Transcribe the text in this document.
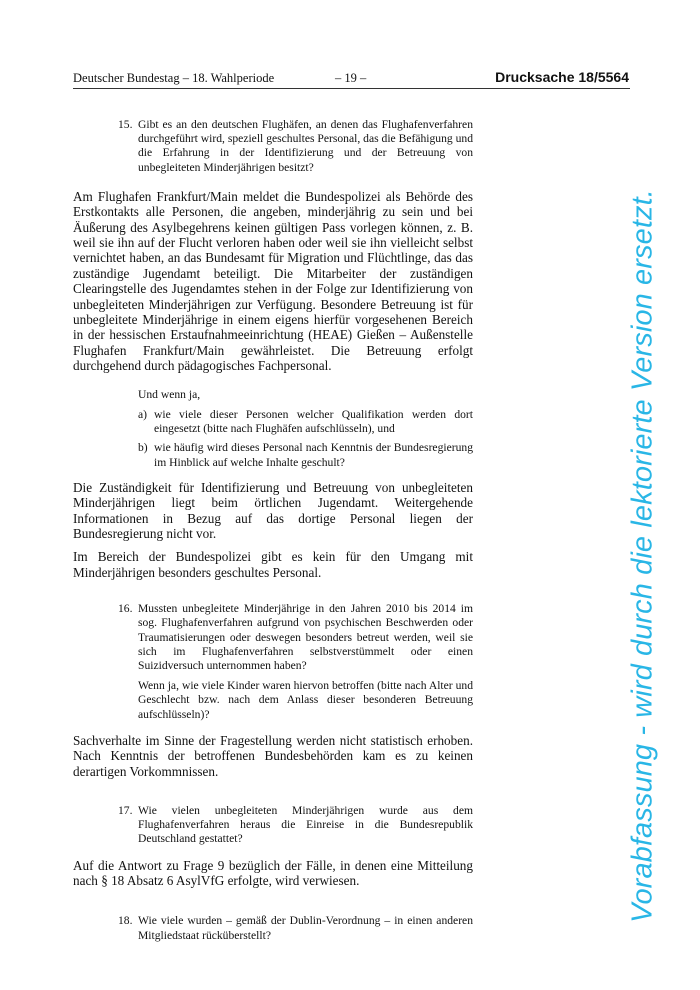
Deutscher Bundestag – 18. Wahlperiode	– 19 –	Drucksache 18/5564
15. Gibt es an den deutschen Flughäfen, an denen das Flughafenverfahren durchgeführt wird, speziell geschultes Personal, das die Befähigung und die Erfahrung in der Identifizierung und der Betreuung von unbegleiteten Minderjährigen besitzt?

Am Flughafen Frankfurt/Main meldet die Bundespolizei als Behörde des Erstkontakts alle Personen, die angeben, minderjährig zu sein und bei Äußerung des Asylbegehrens keinen gültigen Pass vorlegen können, z. B. weil sie ihn auf der Flucht verloren haben oder weil sie ihn vielleicht selbst vernichtet haben, an das Bundesamt für Migration und Flüchtlinge, das das zuständige Jugendamt beteiligt. Die Mitarbeiter der zuständigen Clearingstelle des Jugendamtes stehen in der Folge zur Identifizierung von unbegleiteten Minderjährigen zur Verfügung. Besondere Betreuung ist für unbegleitete Minderjährige in einem eigens hierfür vorgesehenen Bereich in der hessischen Erstaufnahmeeinrichtung (HEAE) Gießen – Außenstelle Flughafen Frankfurt/Main gewährleistet. Die Betreuung erfolgt durchgehend durch pädagogisches Fachpersonal.

Und wenn ja,

a) wie viele dieser Personen welcher Qualifikation werden dort eingesetzt (bitte nach Flughäfen aufschlüsseln), und
b) wie häufig wird dieses Personal nach Kenntnis der Bundesregierung im Hinblick auf welche Inhalte geschult?

Die Zuständigkeit für Identifizierung und Betreuung von unbegleiteten Minderjährigen liegt beim örtlichen Jugendamt. Weitergehende Informationen in Bezug auf das dortige Personal liegen der Bundesregierung nicht vor.

Im Bereich der Bundespolizei gibt es kein für den Umgang mit Minderjährigen besonders geschultes Personal.

16. Mussten unbegleitete Minderjährige in den Jahren 2010 bis 2014 im sog. Flughafenverfahren aufgrund von psychischen Beschwerden oder Traumatisierungen oder deswegen besonders betreut werden, weil sie sich im Flughafenverfahren selbstverstümmelt oder einen Suizidversuch unternommen haben?

Wenn ja, wie viele Kinder waren hiervon betroffen (bitte nach Alter und Geschlecht bzw. nach dem Anlass dieser besonderen Betreuung aufschlüsseln)?

Sachverhalte im Sinne der Fragestellung werden nicht statistisch erhoben. Nach Kenntnis der betroffenen Bundesbehörden kam es zu keinen derartigen Vorkommnissen.

17. Wie vielen unbegleiteten Minderjährigen wurde aus dem Flughafenverfahren heraus die Einreise in die Bundesrepublik Deutschland gestattet?

Auf die Antwort zu Frage 9 bezüglich der Fälle, in denen eine Mitteilung nach § 18 Absatz 6 AsylVfG erfolgte, wird verwiesen.

18. Wie viele wurden – gemäß der Dublin-Verordnung – in einen anderen Mitgliedstaat rücküberstellt?

Vorabfassung - wird durch die lektorierte Version ersetzt.
